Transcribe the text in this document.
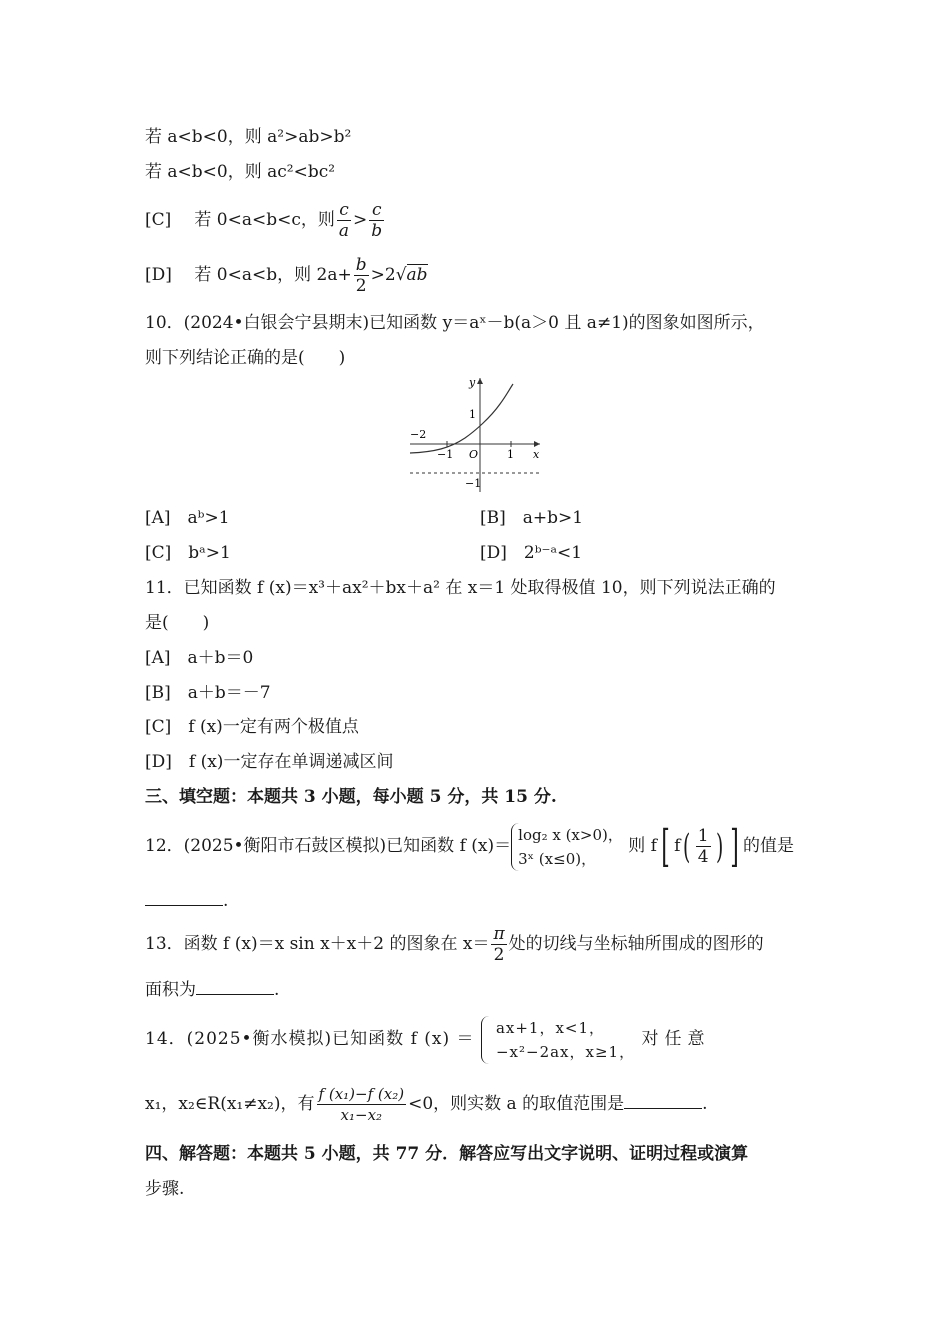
若 a<b<0，则 a²>ab>b²
若 a<b<0，则 ac²<bc²
[C] 若 0<a<b<c，则 $\frac{c}{a} > \frac{c}{b}$
[D] 若 0<a<b，则 $2a+ \frac{b}{2} >2√ab$
10．(2024•白银会宁县期末)已知函数 y＝aˣ－b(a＞0 且 a≠1)的图象如图所示，
则下列结论正确的是(　　)
y
x
O
−2
−1	1
1
−1
[A]　aᵇ>1	[B]　a+b>1
[C]　bᵃ>1	[D]　2ᵇ⁻ᵃ<1
11．已知函数 f (x)＝x³＋ax²＋bx＋a² 在 x＝1 处取得极值 10，则下列说法正确的
是(　　)
[A]　a＋b＝0
[B]　a＋b＝－7
[C]　f (x)一定有两个极值点
[D]　f (x)一定存在单调递减区间
三、填空题：本题共 3 小题，每小题 5 分，共 15 分.
12．(2025•衡阳市石鼓区模拟)已知函数 f (x)＝
log₂ x (x>0)，
3ˣ (x≤0)，
则 f[ $f( \frac{1}{4}$ ) ] 的值是
.
13．函数 f (x)＝x sin x＋x＋2 的图象在 $x= \frac{\pi}{2}$ 处的切线与坐标轴所围成的图形的
面积为	.
14．(2025•衡水模拟)已知函数 f (x) ＝
ax+1，x<1，
−x²−2ax，x≥1，
对任意
x₁，x₂∈R(x₁≠x₂)，有 $\frac{\text{f (x₁)−f (x₂)}}{\text{x₁−x₂}} <0$，则实数 a 的取值范围是	.
四、解答题：本题共 5 小题，共 77 分．解答应写出文字说明、证明过程或演算
步骤.
